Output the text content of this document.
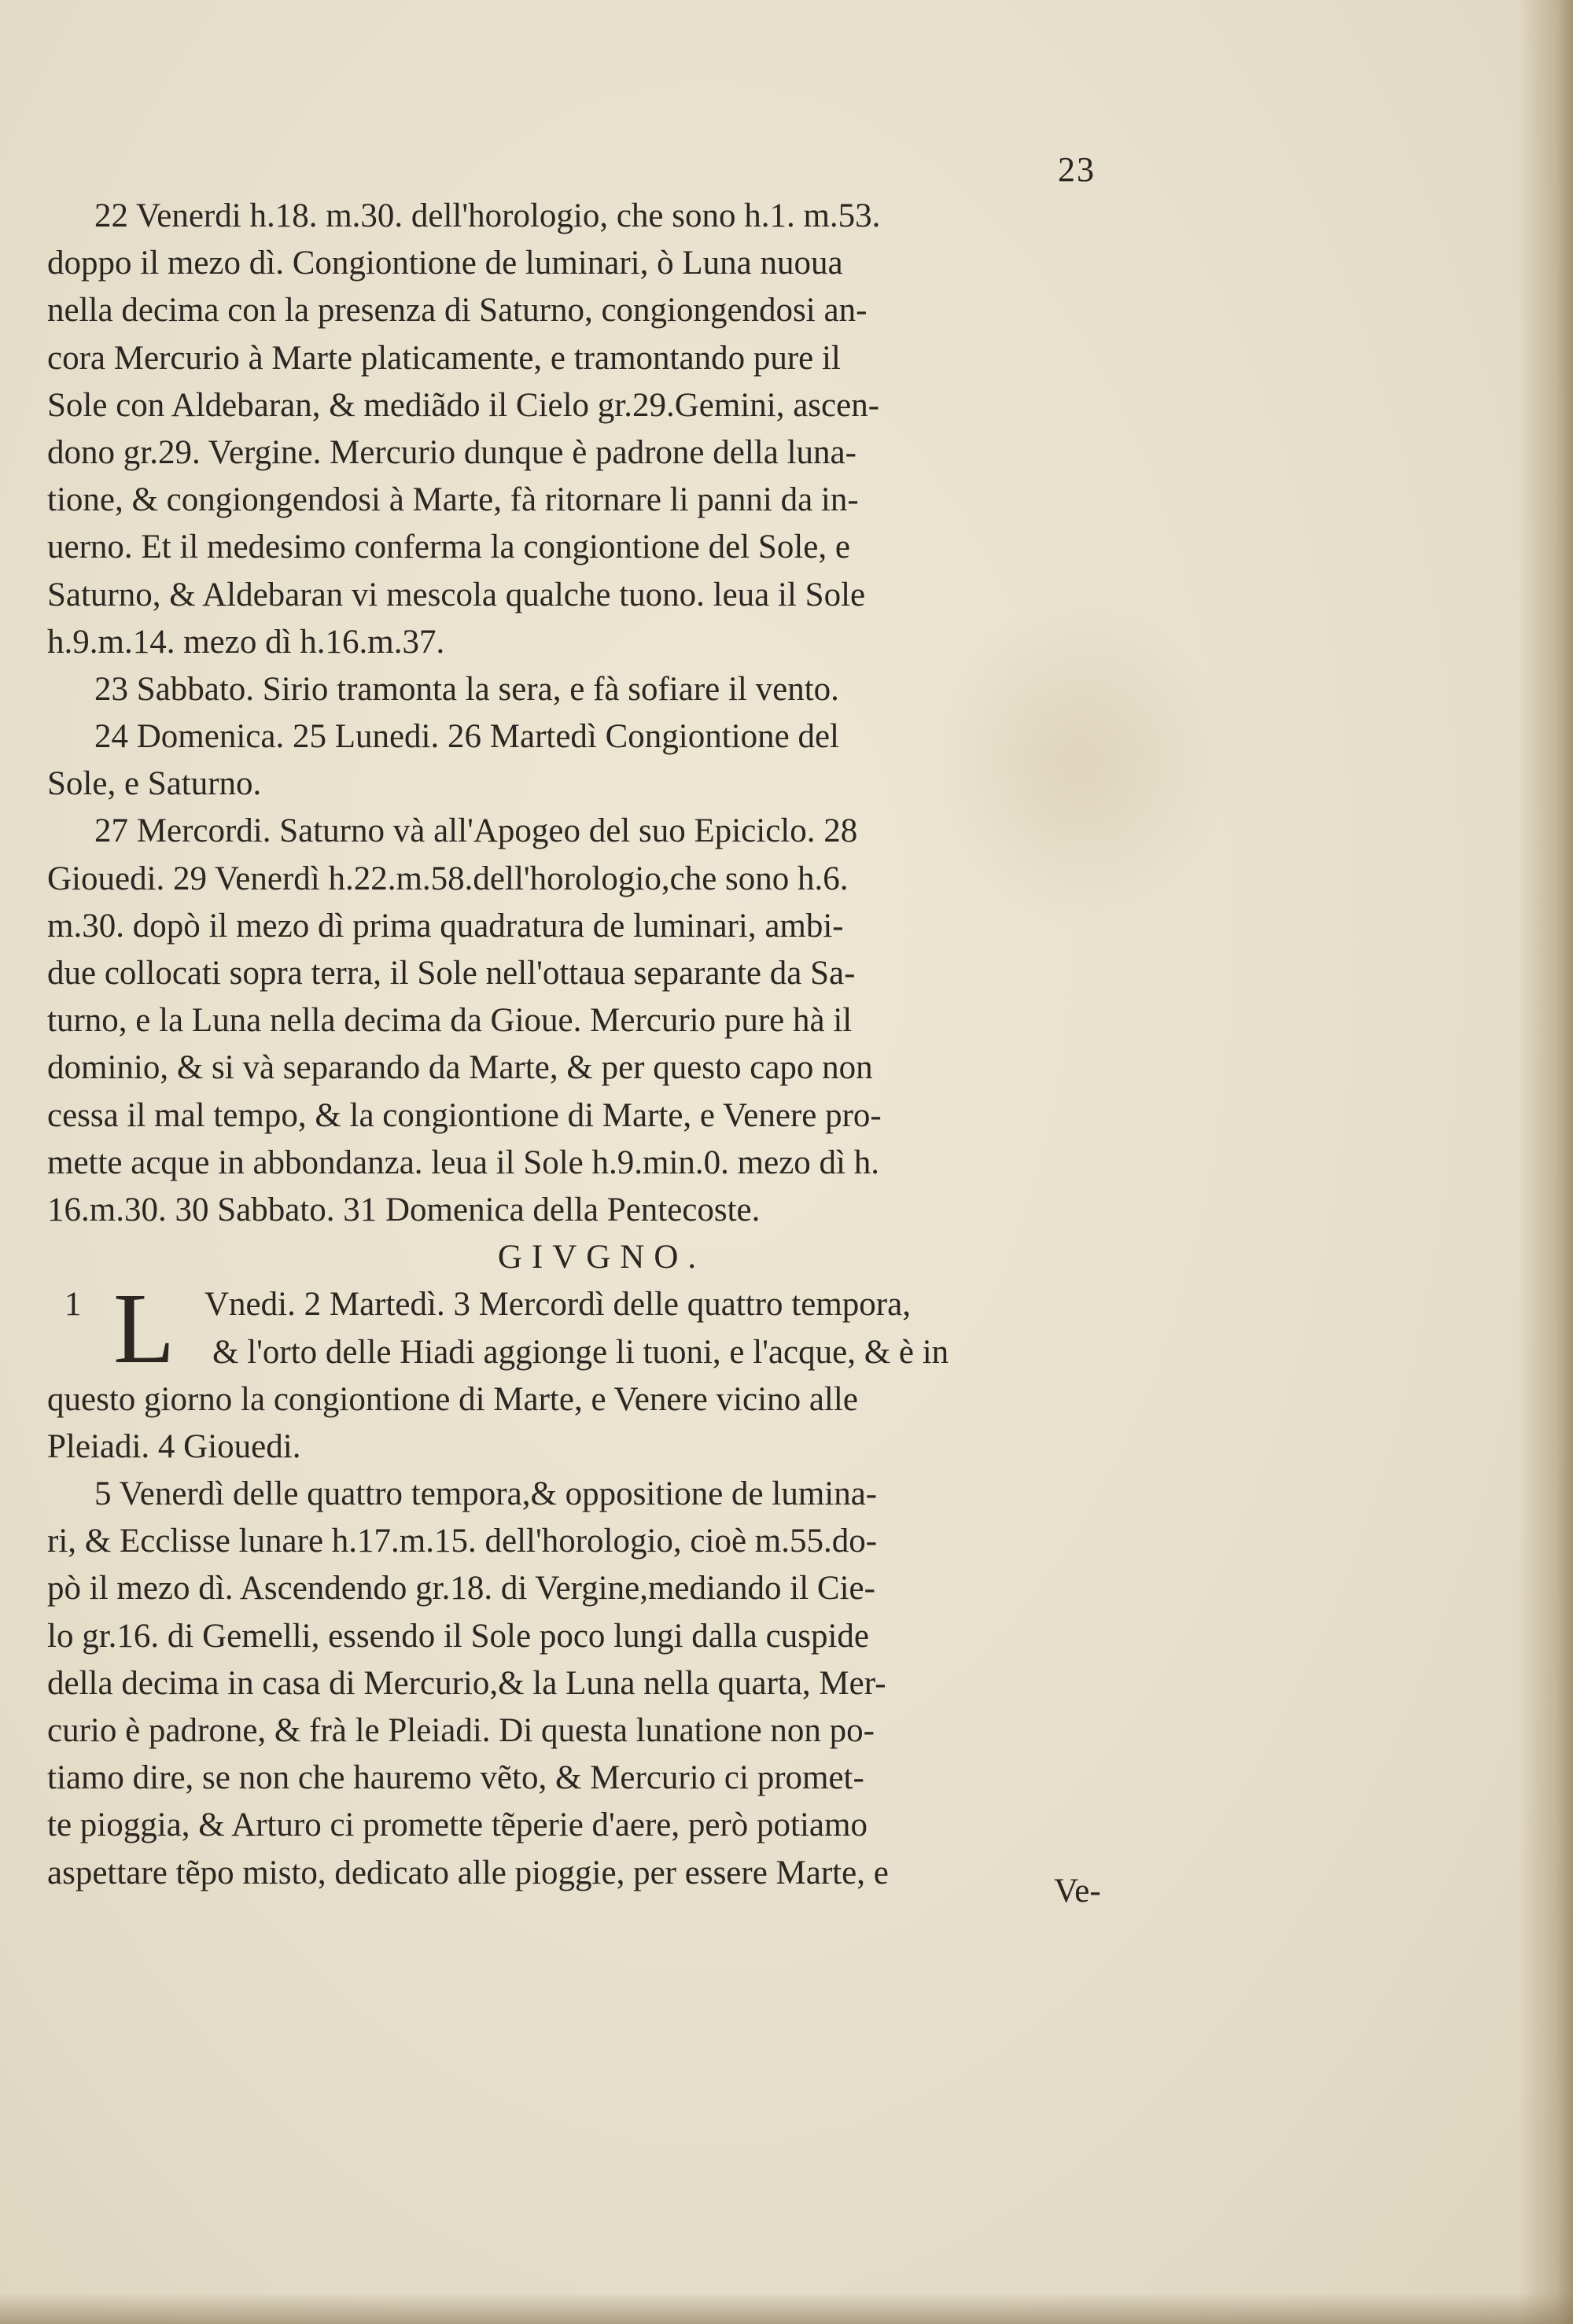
23
22 Venerdi h.18. m.30. dell'horologio, che sono h.1. m.53.
doppo il mezo dì. Congiontione de luminari, ò Luna nuoua
nella decima con la presenza di Saturno, congiongendosi an-
cora Mercurio à Marte platicamente, e tramontando pure il
Sole con Aldebaran, & mediãdo il Cielo gr.29.Gemini, ascen-
dono gr.29. Vergine. Mercurio dunque è padrone della luna-
tione, & congiongendosi à Marte, fà ritornare li panni da in-
uerno. Et il medesimo conferma la congiontione del Sole, e
Saturno, & Aldebaran vi mescola qualche tuono. leua il Sole
h.9.m.14. mezo dì h.16.m.37.
23 Sabbato. Sirio tramonta la sera, e fà sofiare il vento.
24 Domenica. 25 Lunedi. 26 Martedì Congiontione del
Sole, e Saturno.
27 Mercordi. Saturno và all'Apogeo del suo Epiciclo. 28
Giouedi. 29 Venerdì h.22.m.58.dell'horologio,che sono h.6.
m.30. dopò il mezo dì prima quadratura de luminari, ambi-
due collocati sopra terra, il Sole nell'ottaua separante da Sa-
turno, e la Luna nella decima da Gioue. Mercurio pure hà il
dominio, & si và separando da Marte, & per questo capo non
cessa il mal tempo, & la congiontione di Marte, e Venere pro-
mette acque in abbondanza. leua il Sole h.9.min.0. mezo dì h.
16.m.30. 30 Sabbato. 31 Domenica della Pentecoste.
GIVGNO.
1 L Vnedi. 2 Martedì. 3 Mercordì delle quattro tempora,
& l'orto delle Hiadi aggionge li tuoni, e l'acque, & è in
questo giorno la congiontione di Marte, e Venere vicino alle
Pleiadi. 4 Giouedi.
5 Venerdì delle quattro tempora,& oppositione de lumina-
ri, & Ecclisse lunare h.17.m.15. dell'horologio, cioè m.55.do-
pò il mezo dì. Ascendendo gr.18. di Vergine,mediando il Cie-
lo gr.16. di Gemelli, essendo il Sole poco lungi dalla cuspide
della decima in casa di Mercurio,& la Luna nella quarta, Mer-
curio è padrone, & frà le Pleiadi. Di questa lunatione non po-
tiamo dire, se non che hauremo vẽto, & Mercurio ci promet-
te pioggia, & Arturo ci promette tẽperie d'aere, però potiamo
aspettare tẽpo misto, dedicato alle pioggie, per essere Marte, e	Ve-
